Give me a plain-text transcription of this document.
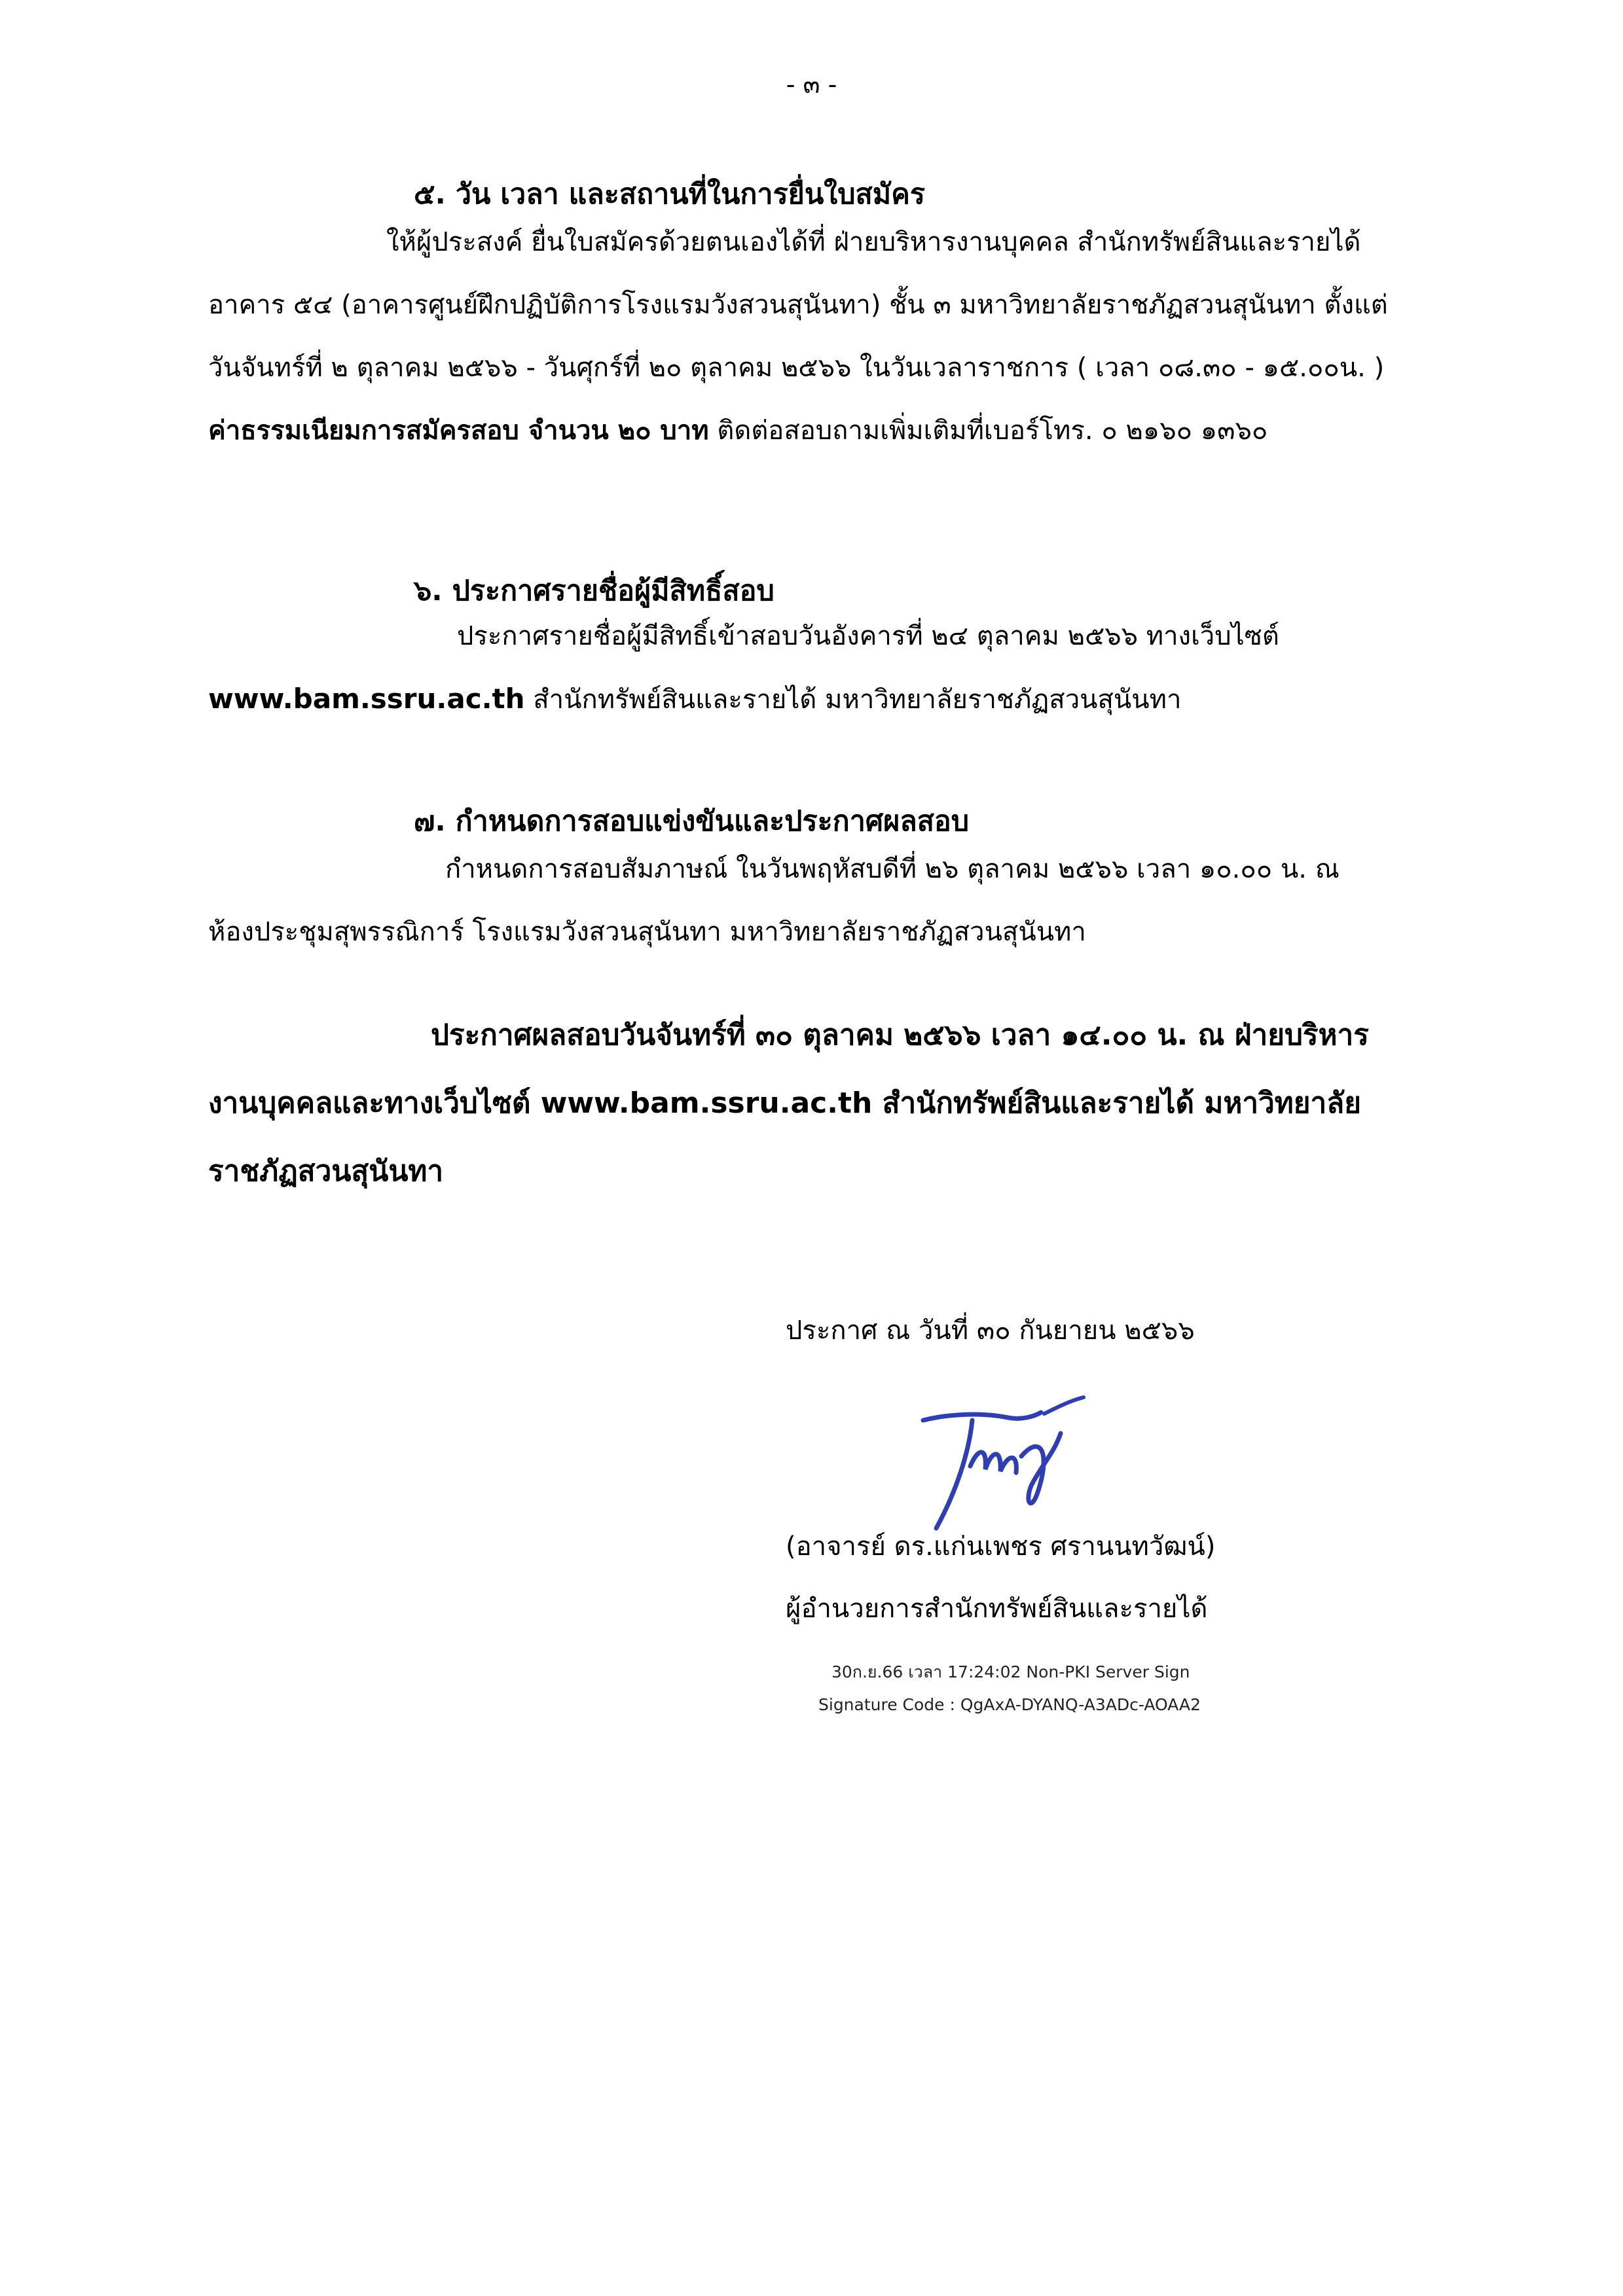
- ๓ -
๕. วัน เวลา และสถานที่ในการยื่นใบสมัคร
ให้ผู้ประสงค์ ยื่นใบสมัครด้วยตนเองได้ที่ ฝ่ายบริหารงานบุคคล สำนักทรัพย์สินและรายได้ อาคาร ๕๔ (อาคารศูนย์ฝึกปฏิบัติการโรงแรมวังสวนสุนันทา) ชั้น ๓ มหาวิทยาลัยราชภัฏสวนสุนันทา ตั้งแต่ วันจันทร์ที่ ๒ ตุลาคม ๒๕๖๖ - วันศุกร์ที่ ๒๐ ตุลาคม ๒๕๖๖ ในวันเวลาราชการ ( เวลา ๐๘.๓๐ - ๑๕.๐๐น. ) ค่าธรรมเนียมการสมัครสอบ จำนวน ๒๐ บาท ติดต่อสอบถามเพิ่มเติมที่เบอร์โทร. ๐ ๒๑๖๐ ๑๓๖๐
๖. ประกาศรายชื่อผู้มีสิทธิ์สอบ
ประกาศรายชื่อผู้มีสิทธิ์เข้าสอบวันอังคารที่ ๒๔ ตุลาคม ๒๕๖๖ ทางเว็บไซต์ www.bam.ssru.ac.th สำนักทรัพย์สินและรายได้ มหาวิทยาลัยราชภัฏสวนสุนันทา
๗. กำหนดการสอบแข่งขันและประกาศผลสอบ
กำหนดการสอบสัมภาษณ์ ในวันพฤหัสบดีที่ ๒๖ ตุลาคม ๒๕๖๖ เวลา ๑๐.๐๐ น. ณ ห้องประชุมสุพรรณิการ์ โรงแรมวังสวนสุนันทา มหาวิทยาลัยราชภัฏสวนสุนันทา
ประกาศผลสอบวันจันทร์ที่ ๓๐ ตุลาคม ๒๕๖๖ เวลา ๑๔.๐๐ น. ณ ฝ่ายบริหารงานบุคคลและทางเว็บไซต์ www.bam.ssru.ac.th สำนักทรัพย์สินและรายได้ มหาวิทยาลัยราชภัฏสวนสุนันทา
ประกาศ ณ วันที่ ๓๐ กันยายน ๒๕๖๖
(อาจารย์ ดร.แก่นเพชร ศรานนทวัฒน์)
ผู้อำนวยการสำนักทรัพย์สินและรายได้
30ก.ย.66 เวลา 17:24:02 Non-PKI Server Sign
Signature Code : QgAxA-DYANQ-A3ADc-AOAA2
